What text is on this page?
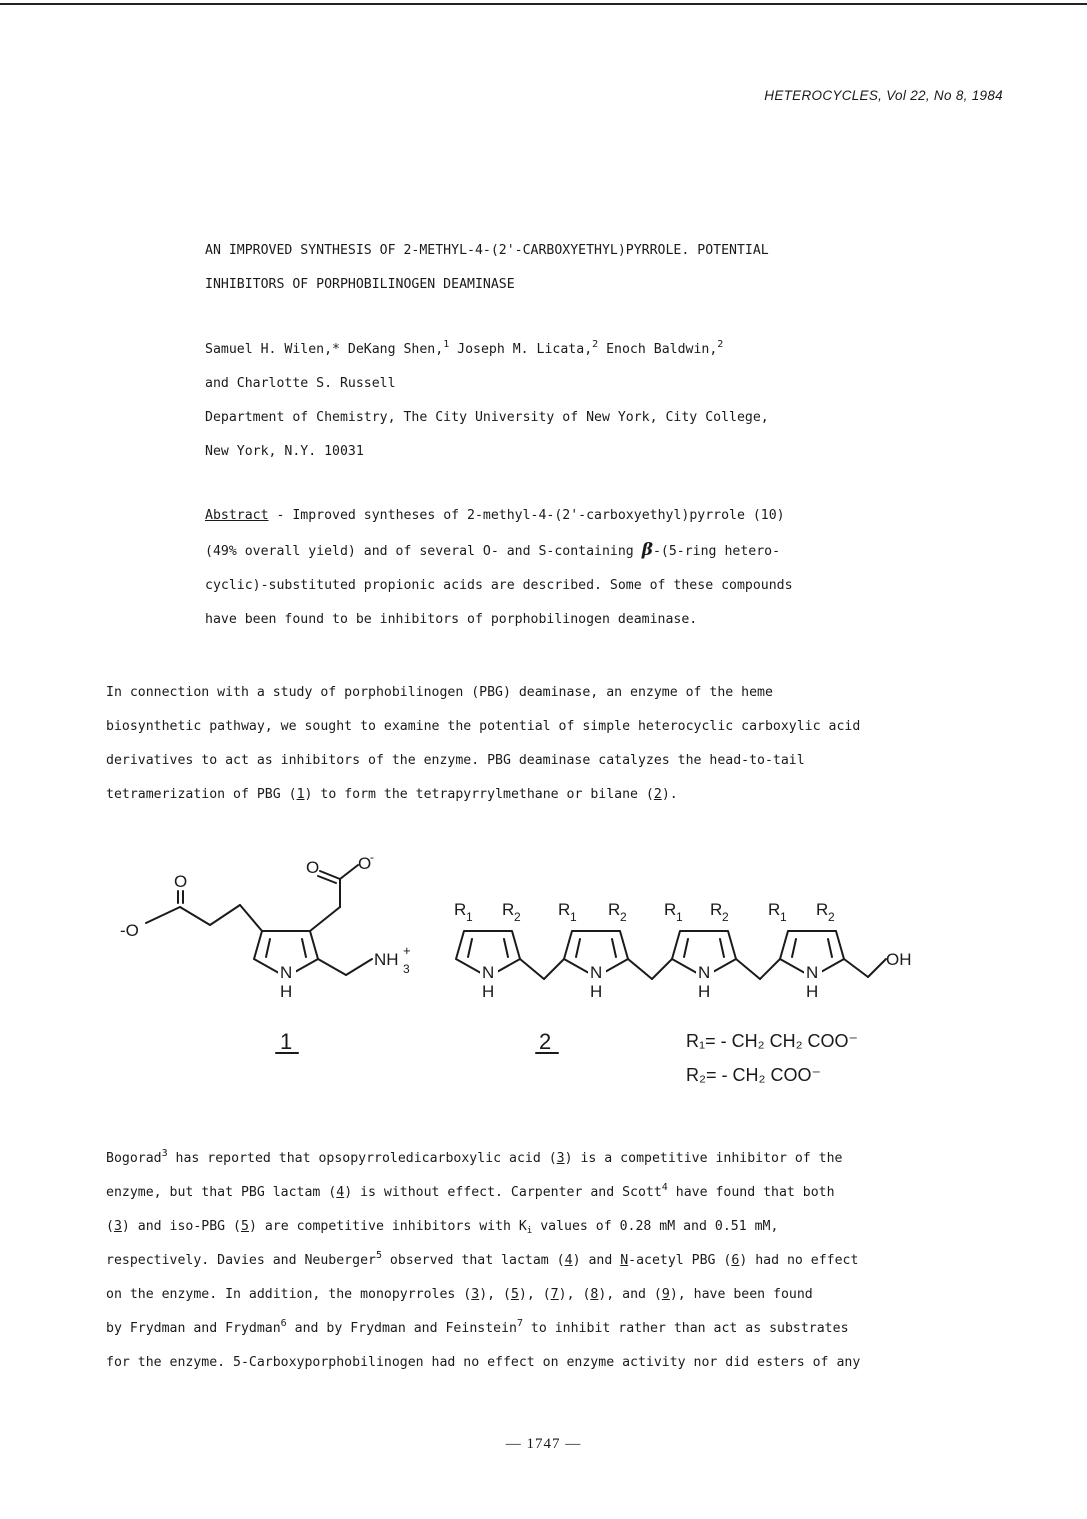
HETEROCYCLES, Vol 22, No 8, 1984
AN IMPROVED SYNTHESIS OF 2-METHYL-4-(2'-CARBOXYETHYL)PYRROLE. POTENTIAL
INHIBITORS OF PORPHOBILINOGEN DEAMINASE
Samuel H. Wilen,* DeKang Shen,$^1$ Joseph M. Licata,$^2$ Enoch Baldwin,$^2$
and Charlotte S. Russell
Department of Chemistry, The City University of New York, City College,
New York, N.Y. 10031
Abstract - Improved syntheses of 2-methyl-4-(2'-carboxyethyl)pyrrole (10)
(49% overall yield) and of several O- and S-containing β-(5-ring hetero-
cyclic)-substituted propionic acids are described. Some of these compounds
have been found to be inhibitors of porphobilinogen deaminase.
In connection with a study of porphobilinogen (PBG) deaminase, an enzyme of the heme
biosynthetic pathway, we sought to examine the potential of simple heterocyclic carboxylic acid
derivatives to act as inhibitors of the enzyme. PBG deaminase catalyzes the head-to-tail
tetramerization of PBG (1) to form the tetrapyrrylmethane or bilane (2).
-O
O
O O
-
N
H
NH 3
+
N
H
N
H
N
H
N
H
OH
R 1 R 2 R 1 R 2 R 1 R 2 R 1 R 2
1	2	R₁= - CH₂ CH₂ COO⁻
R₂= - CH₂ COO⁻
Bogorad$^3$ has reported that opsopyrroledicarboxylic acid (3) is a competitive inhibitor of the
enzyme, but that PBG lactam (4) is without effect. Carpenter and Scott$^4$ have found that both
(3) and iso-PBG (5) are competitive inhibitors with $K_i$ values of 0.28 mM and 0.51 mM,
respectively. Davies and Neuberger$^5$ observed that lactam (4) and N-acetyl PBG (6) had no effect
on the enzyme. In addition, the monopyrroles (3), (5), (7), (8), and (9), have been found
by Frydman and Frydman$^6$ and by Frydman and Feinstein$^7$ to inhibit rather than act as substrates
for the enzyme. 5-Carboxyporphobilinogen had no effect on enzyme activity nor did esters of any
— 1747 —
